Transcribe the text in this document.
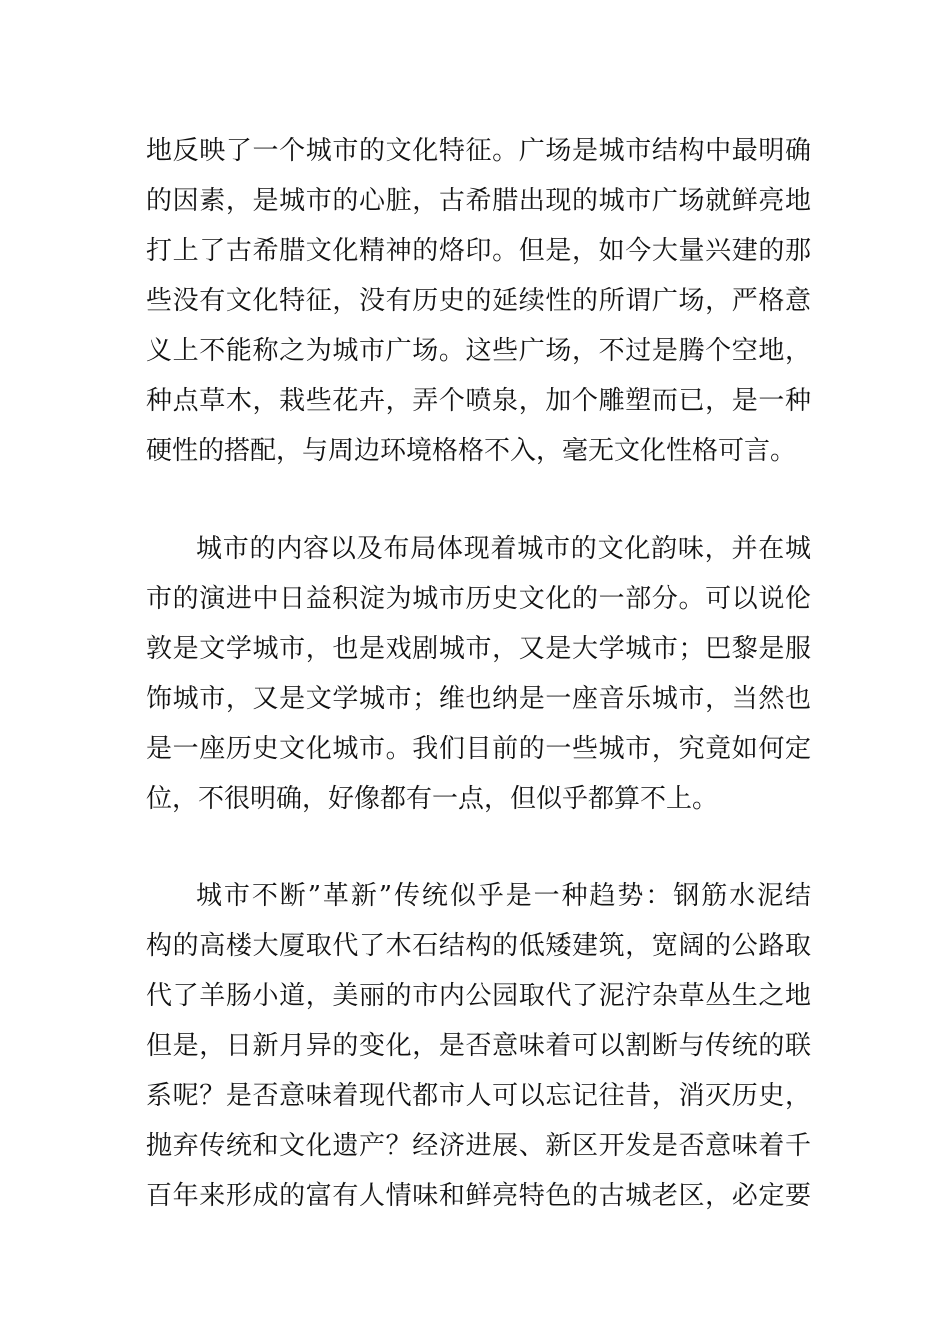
地反映了一个城市的文化特征。广场是城市结构中最明确
的因素，是城市的心脏，古希腊出现的城市广场就鲜亮地
打上了古希腊文化精神的烙印。但是，如今大量兴建的那
些没有文化特征，没有历史的延续性的所谓广场，严格意
义上不能称之为城市广场。这些广场，不过是腾个空地，
种点草木，栽些花卉，弄个喷泉，加个雕塑而已，是一种
硬性的搭配，与周边环境格格不入，毫无文化性格可言。
城市的内容以及布局体现着城市的文化韵味，并在城
市的演进中日益积淀为城市历史文化的一部分。可以说伦
敦是文学城市，也是戏剧城市，又是大学城市；巴黎是服
饰城市，又是文学城市；维也纳是一座音乐城市，当然也
是一座历史文化城市。我们目前的一些城市，究竟如何定
位，不很明确，好像都有一点，但似乎都算不上。
城市不断”革新”传统似乎是一种趋势：钢筋水泥结
构的高楼大厦取代了木石结构的低矮建筑，宽阔的公路取
代了羊肠小道，美丽的市内公园取代了泥泞杂草丛生之地
但是，日新月异的变化，是否意味着可以割断与传统的联
系呢？是否意味着现代都市人可以忘记往昔，消灭历史，
抛弃传统和文化遗产？经济进展、新区开发是否意味着千
百年来形成的富有人情味和鲜亮特色的古城老区，必定要
